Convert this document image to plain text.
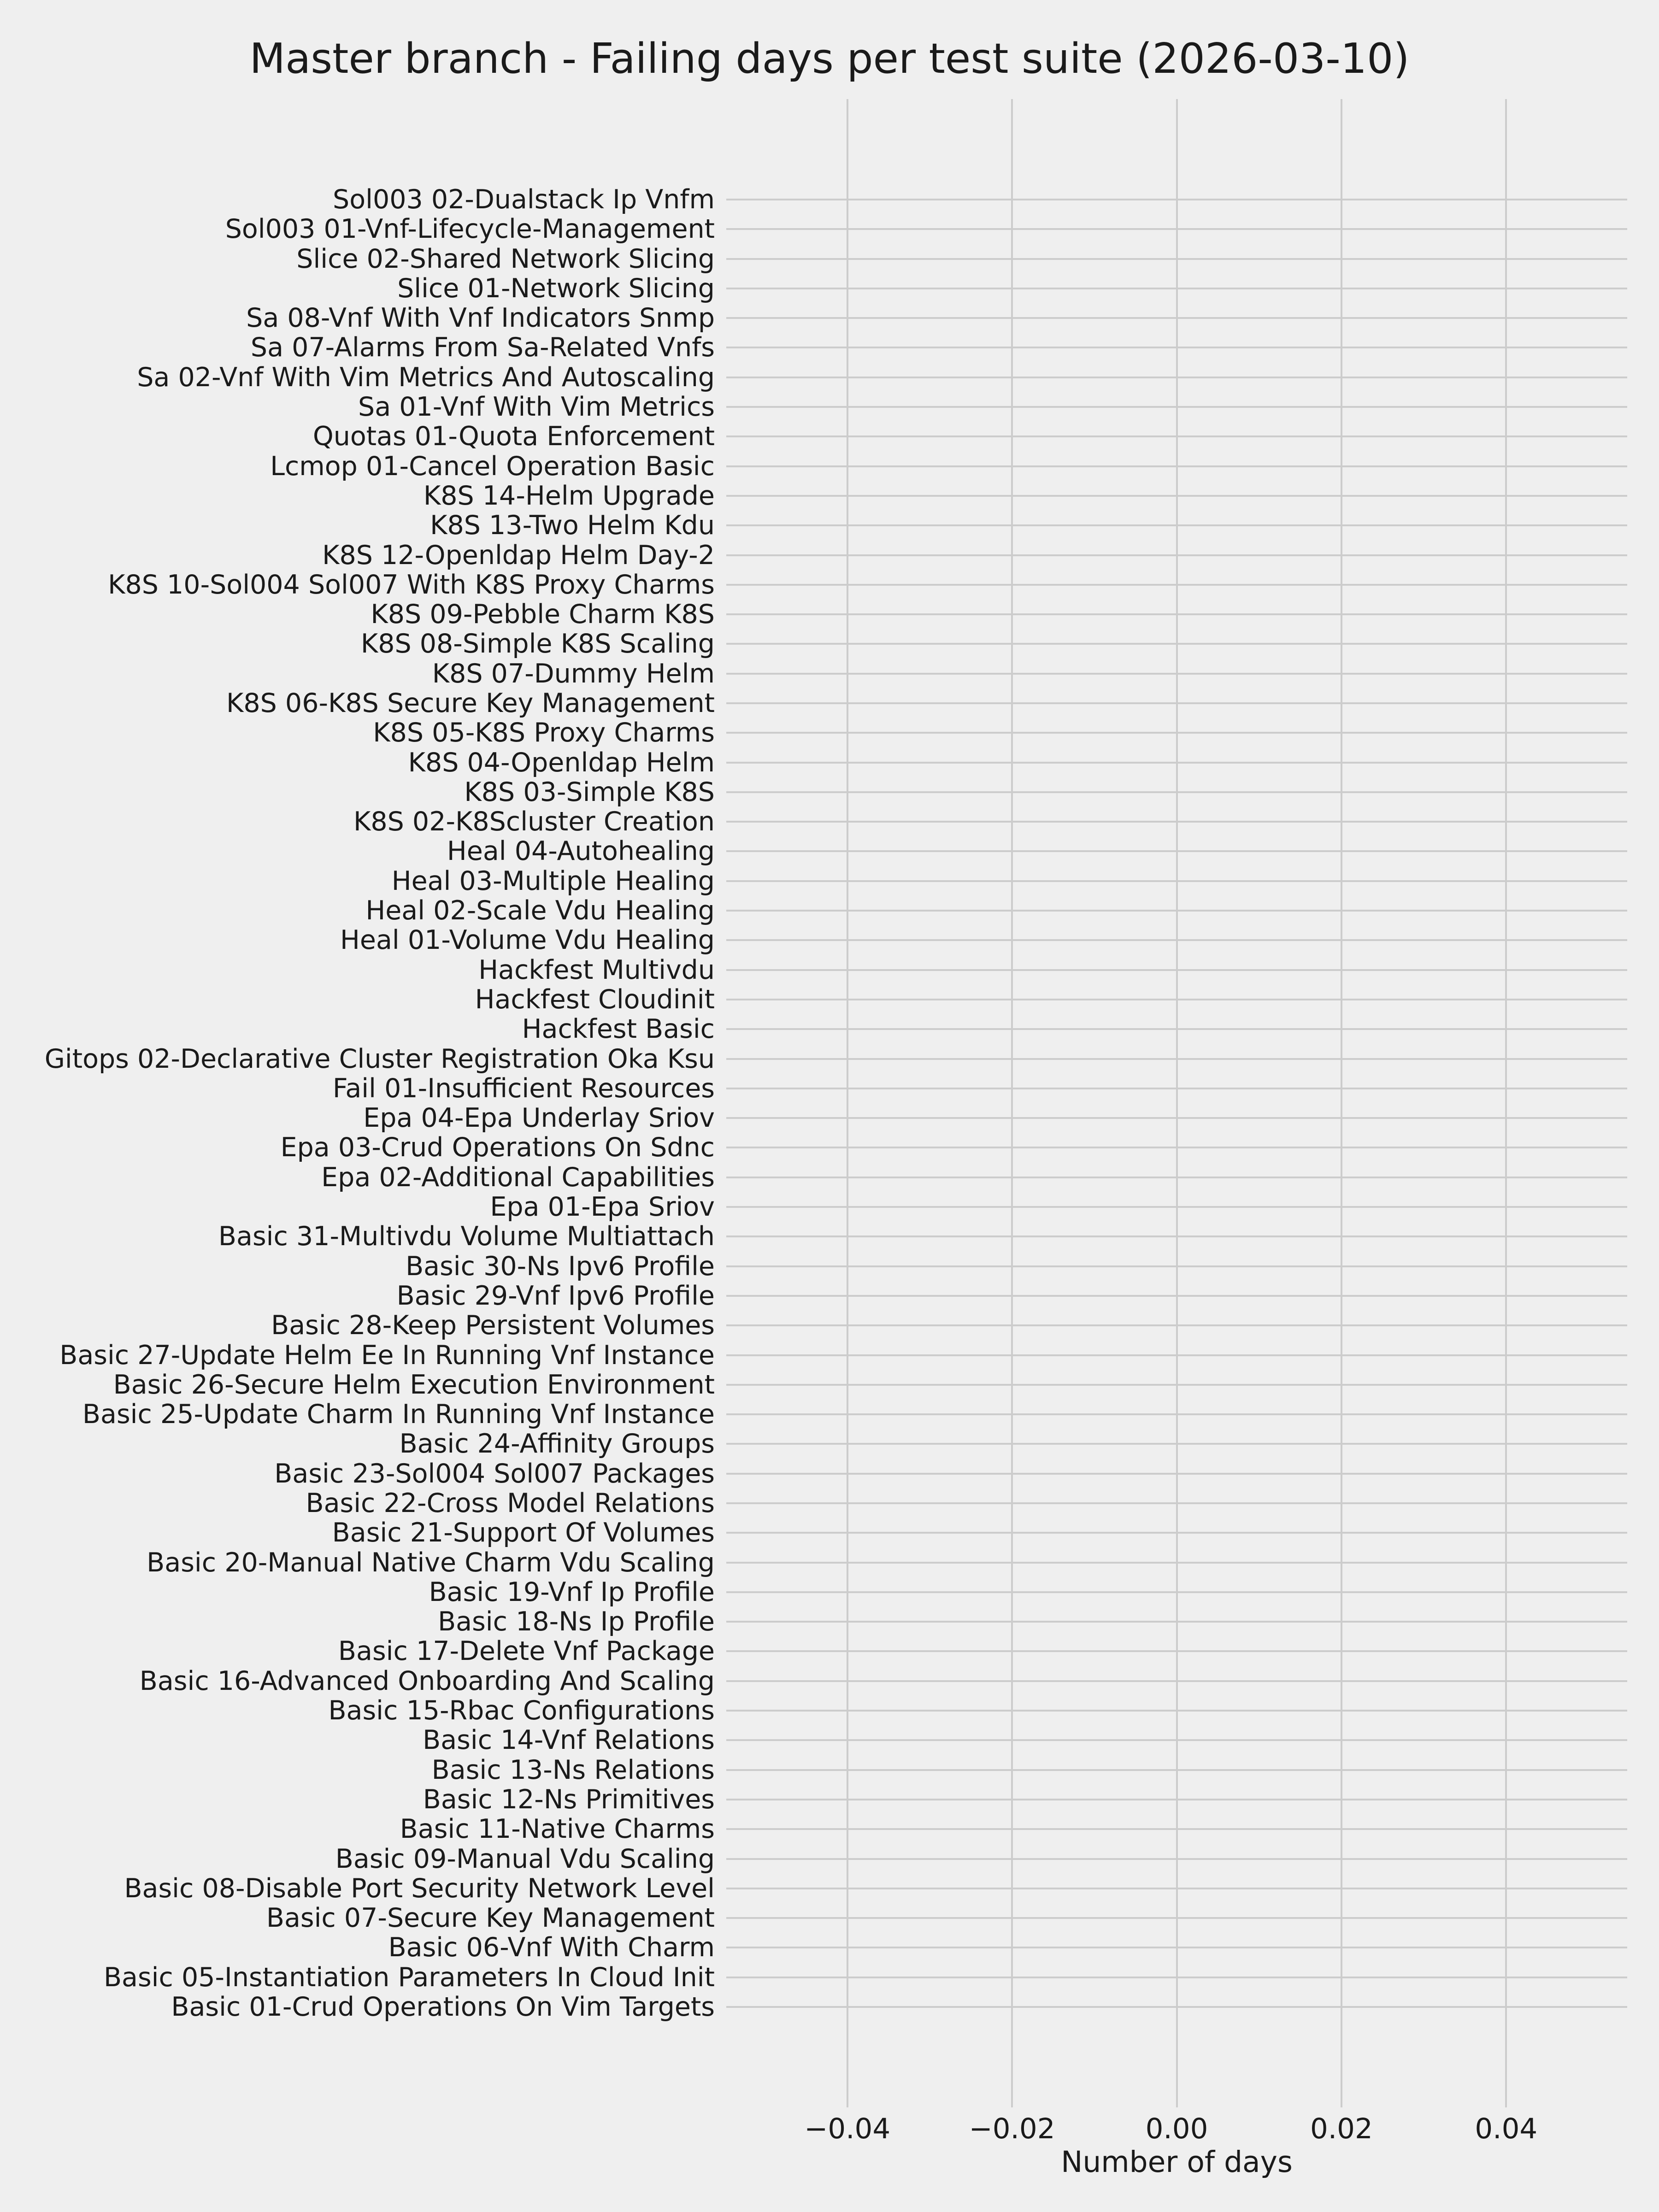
Master branch - Failing days per test suite (2026-03-10)
Sol003 02-Dualstack Ip Vnfm
Sol003 01-Vnf-Lifecycle-Management
Slice 02-Shared Network Slicing
Slice 01-Network Slicing
Sa 08-Vnf With Vnf Indicators Snmp
Sa 07-Alarms From Sa-Related Vnfs
Sa 02-Vnf With Vim Metrics And Autoscaling
Sa 01-Vnf With Vim Metrics
Quotas 01-Quota Enforcement
Lcmop 01-Cancel Operation Basic
K8S 14-Helm Upgrade
K8S 13-Two Helm Kdu
K8S 12-Openldap Helm Day-2
K8S 10-Sol004 Sol007 With K8S Proxy Charms
K8S 09-Pebble Charm K8S
K8S 08-Simple K8S Scaling
K8S 07-Dummy Helm
K8S 06-K8S Secure Key Management
K8S 05-K8S Proxy Charms
K8S 04-Openldap Helm
K8S 03-Simple K8S
K8S 02-K8Scluster Creation
Heal 04-Autohealing
Heal 03-Multiple Healing
Heal 02-Scale Vdu Healing
Heal 01-Volume Vdu Healing
Hackfest Multivdu
Hackfest Cloudinit
Hackfest Basic
Gitops 02-Declarative Cluster Registration Oka Ksu
Fail 01-Insufficient Resources
Epa 04-Epa Underlay Sriov
Epa 03-Crud Operations On Sdnc
Epa 02-Additional Capabilities
Epa 01-Epa Sriov
Basic 31-Multivdu Volume Multiattach
Basic 30-Ns Ipv6 Profile
Basic 29-Vnf Ipv6 Profile
Basic 28-Keep Persistent Volumes
Basic 27-Update Helm Ee In Running Vnf Instance
Basic 26-Secure Helm Execution Environment
Basic 25-Update Charm In Running Vnf Instance
Basic 24-Affinity Groups
Basic 23-Sol004 Sol007 Packages
Basic 22-Cross Model Relations
Basic 21-Support Of Volumes
Basic 20-Manual Native Charm Vdu Scaling
Basic 19-Vnf Ip Profile
Basic 18-Ns Ip Profile
Basic 17-Delete Vnf Package
Basic 16-Advanced Onboarding And Scaling
Basic 15-Rbac Configurations
Basic 14-Vnf Relations
Basic 13-Ns Relations
Basic 12-Ns Primitives
Basic 11-Native Charms
Basic 09-Manual Vdu Scaling
Basic 08-Disable Port Security Network Level
Basic 07-Secure Key Management
Basic 06-Vnf With Charm
Basic 05-Instantiation Parameters In Cloud Init
Basic 01-Crud Operations On Vim Targets
−0.04	−0.02	0.00	0.02	0.04
Number of days
